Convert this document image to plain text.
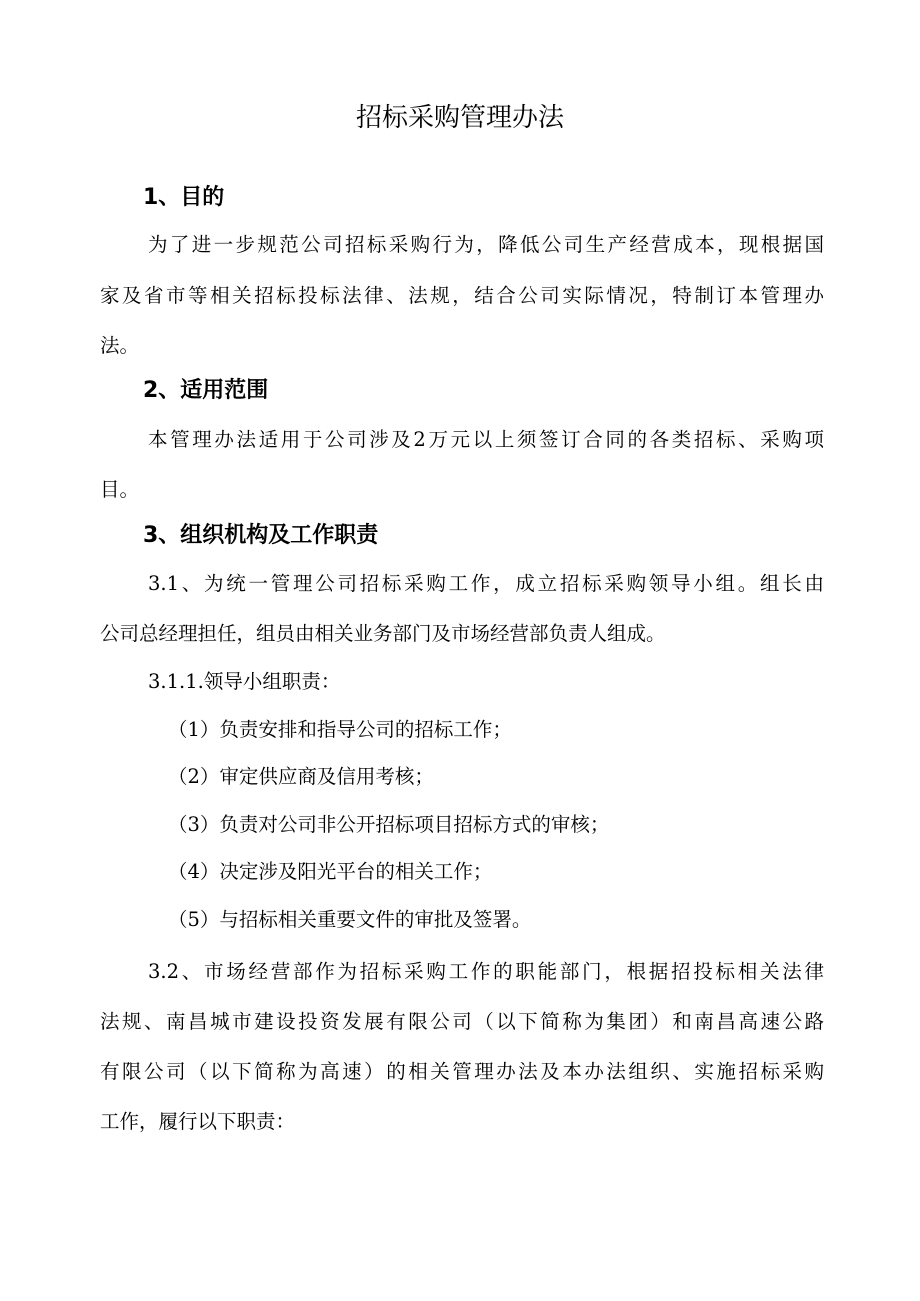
招标采购管理办法
1、目的

为了进一步规范公司招标采购行为，降低公司生产经营成本，现根据国

家及省市等相关招标投标法律、法规，结合公司实际情况，特制订本管理办

法。

2、适用范围

本管理办法适用于公司涉及2万元以上须签订合同的各类招标、采购项

目。

3、组织机构及工作职责

3.1、为统一管理公司招标采购工作，成立招标采购领导小组。组长由

公司总经理担任，组员由相关业务部门及市场经营部负责人组成。

3.1.1.领导小组职责：

（1）负责安排和指导公司的招标工作；

（2）审定供应商及信用考核；

（3）负责对公司非公开招标项目招标方式的审核；

（4）决定涉及阳光平台的相关工作；

（5）与招标相关重要文件的审批及签署。

3.2、市场经营部作为招标采购工作的职能部门，根据招投标相关法律

法规、南昌城市建设投资发展有限公司（以下简称为集团）和南昌高速公路

有限公司（以下简称为高速）的相关管理办法及本办法组织、实施招标采购

工作，履行以下职责：
